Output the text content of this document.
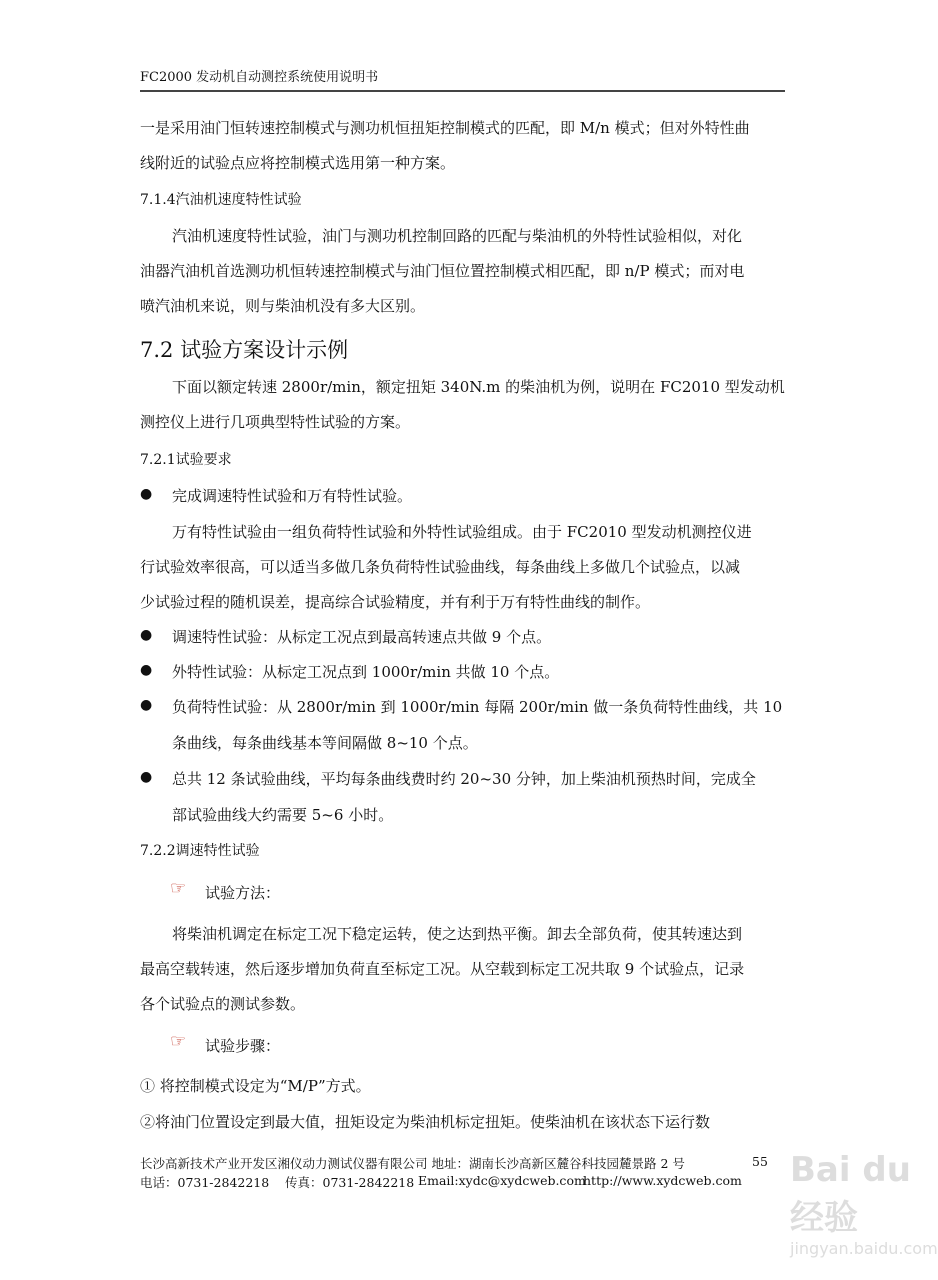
FC2000 发动机自动测控系统使用说明书
一是采用油门恒转速控制模式与测功机恒扭矩控制模式的匹配，即 M/n 模式；但对外特性曲
线附近的试验点应将控制模式选用第一种方案。
7.1.4汽油机速度特性试验
汽油机速度特性试验，油门与测功机控制回路的匹配与柴油机的外特性试验相似，对化
油器汽油机首选测功机恒转速控制模式与油门恒位置控制模式相匹配，即 n/P 模式；而对电
喷汽油机来说，则与柴油机没有多大区别。
7.2 试验方案设计示例
下面以额定转速 2800r/min，额定扭矩 340N.m 的柴油机为例，说明在 FC2010 型发动机
测控仪上进行几项典型特性试验的方案。
7.2.1试验要求
● 完成调速特性试验和万有特性试验。
万有特性试验由一组负荷特性试验和外特性试验组成。由于 FC2010 型发动机测控仪进
行试验效率很高，可以适当多做几条负荷特性试验曲线，每条曲线上多做几个试验点，以减
少试验过程的随机误差，提高综合试验精度，并有利于万有特性曲线的制作。
● 调速特性试验：从标定工况点到最高转速点共做 9 个点。
● 外特性试验：从标定工况点到 1000r/min 共做 10 个点。
● 负荷特性试验：从 2800r/min 到 1000r/min 每隔 200r/min 做一条负荷特性曲线，共 10
条曲线，每条曲线基本等间隔做 8~10 个点。
● 总共 12 条试验曲线，平均每条曲线费时约 20~30 分钟，加上柴油机预热时间，完成全
部试验曲线大约需要 5~6 小时。
7.2.2调速特性试验
☞ 试验方法：
将柴油机调定在标定工况下稳定运转，使之达到热平衡。卸去全部负荷，使其转速达到
最高空载转速，然后逐步增加负荷直至标定工况。从空载到标定工况共取 9 个试验点，记录
各个试验点的测试参数。
☞ 试验步骤：
① 将控制模式设定为“M/P”方式。
②将油门位置设定到最大值，扭矩设定为柴油机标定扭矩。使柴油机在该状态下运行数
长沙高新技术产业开发区湘仪动力测试仪器有限公司 地址：湖南长沙高新区麓谷科技园麓景路 2 号	55
电话：0731-2842218 传真：0731-2842218 Email:xydc@xydcweb.com
http://www.xydcweb.com Bai du 经验
jingyan.baidu.com
